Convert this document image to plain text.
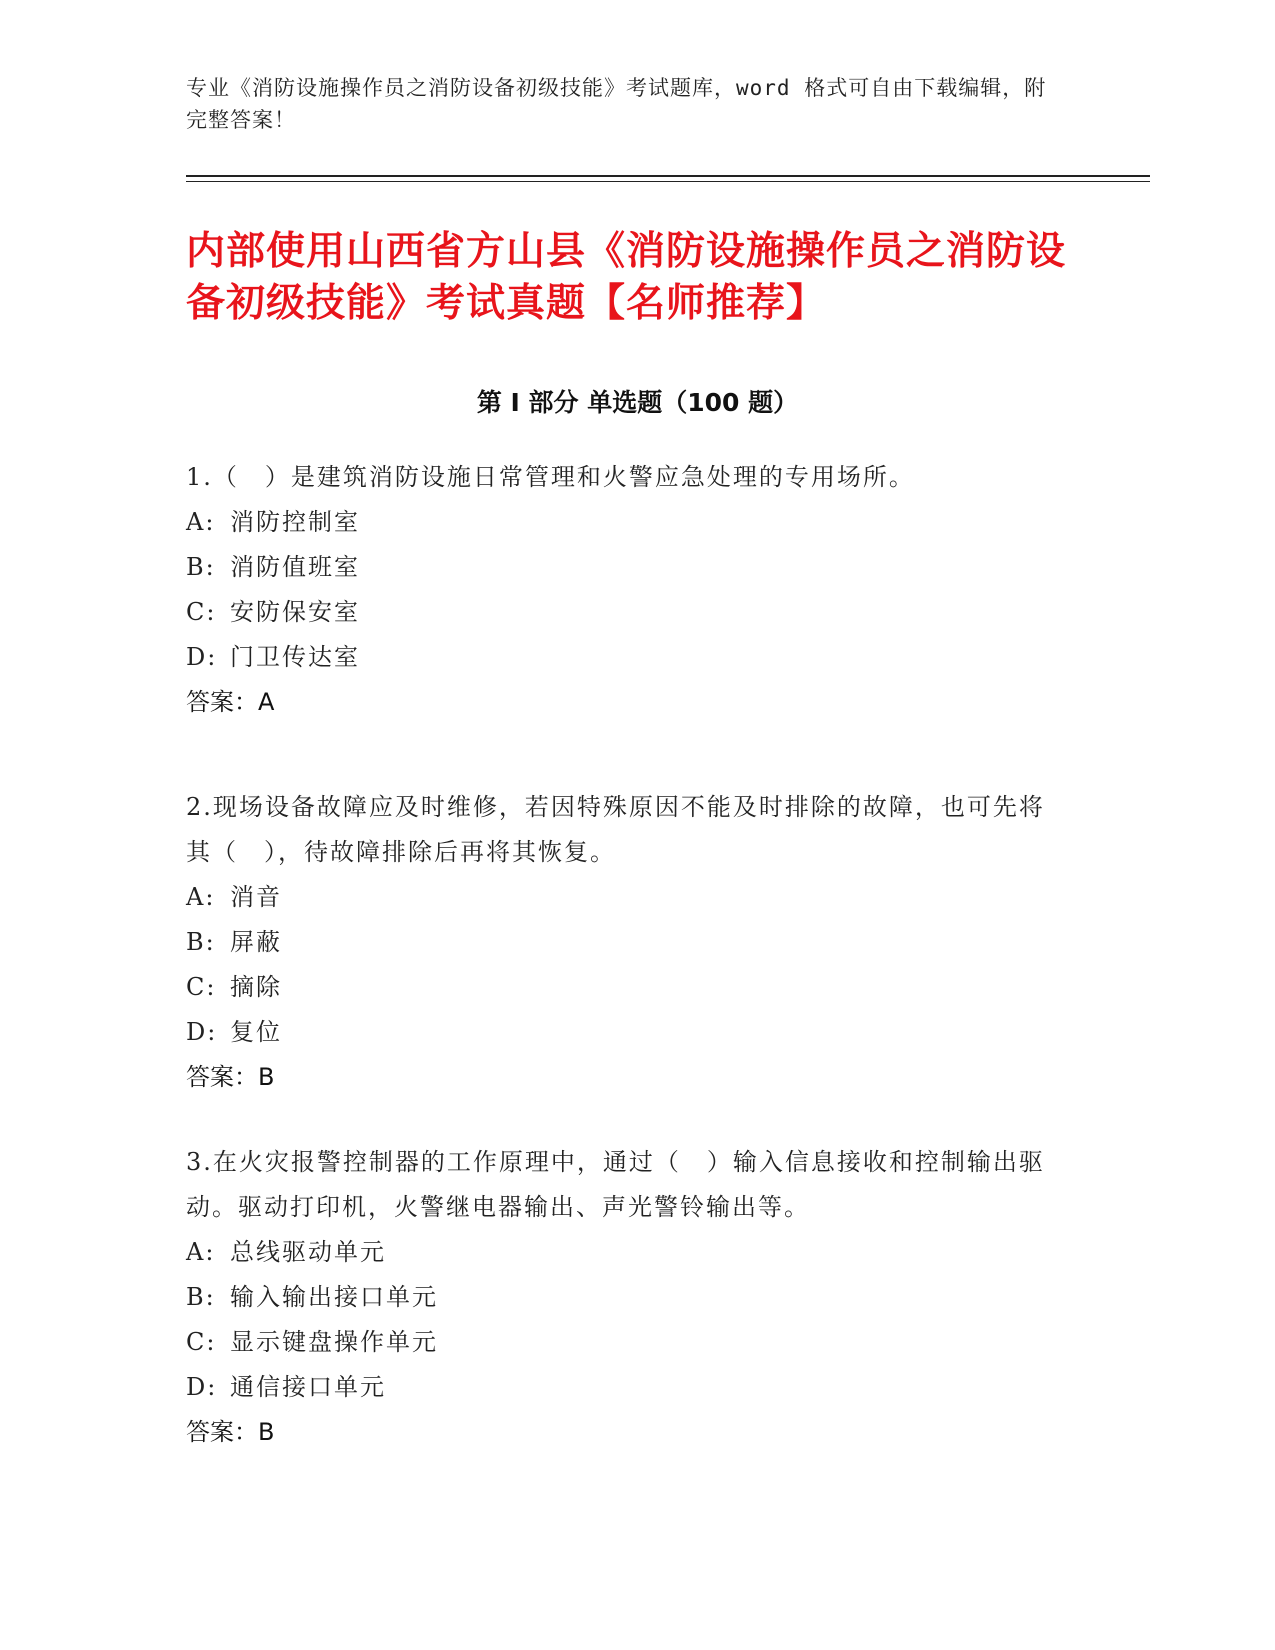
专业《消防设施操作员之消防设备初级技能》考试题库，word 格式可自由下载编辑，附完整答案！
内部使用山西省方山县《消防设施操作员之消防设备初级技能》考试真题【名师推荐】
第 I 部分 单选题（100 题）

1.（　）是建筑消防设施日常管理和火警应急处理的专用场所。

A: 消防控制室

B: 消防值班室

C: 安防保安室

D: 门卫传达室

答案：A

2.现场设备故障应及时维修，若因特殊原因不能及时排除的故障，也可先将其（　），待故障排除后再将其恢复。

A: 消音

B: 屏蔽

C: 摘除

D: 复位

答案：B

3.在火灾报警控制器的工作原理中，通过（　）输入信息接收和控制输出驱动。驱动打印机，火警继电器输出、声光警铃输出等。

A: 总线驱动单元

B: 输入输出接口单元

C: 显示键盘操作单元

D: 通信接口单元

答案：B
